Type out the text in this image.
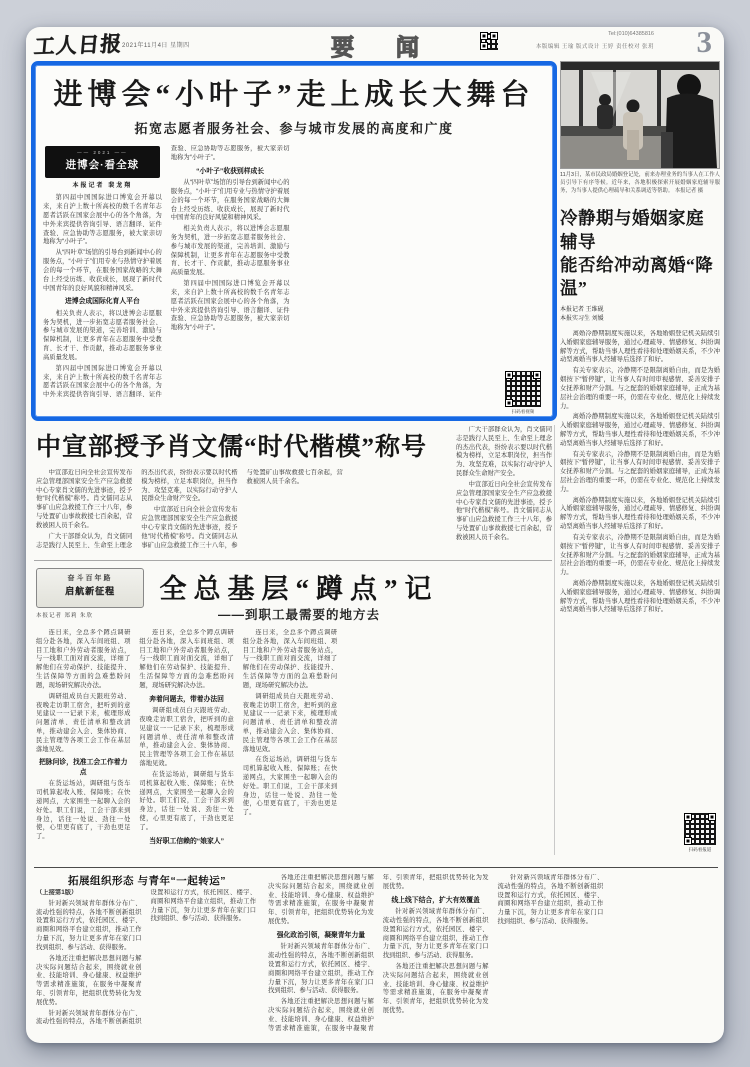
工人日报
2021年11月4日 星期四	要 闻
Tel:(010)64385816
本版编辑 王瑜 版式设计 王婷 责任校对 张玥 3
进博会“小叶子”走上成长大舞台
拓宽志愿者服务社会、参与城市发展的高度和广度
—— 2021 ——
进博会·看全球

本报记者 裴龙翔

第四届中国国际进口博览会开幕以来，来自沪上数十所高校的数千名青年志愿者活跃在国家会展中心的各个角落，为中外来宾提供咨询引导、语言翻译、证件查验、应急协助等志愿服务，被大家亲切地称为“小叶子”。

从“四叶草”场馆的引导台到新闻中心的服务点，“小叶子”们用专业与热情守护着展会的每一个环节，在服务国家战略的大舞台上经受历练、收获成长，展现了新时代中国青年的良好风貌和精神风采。

进博会成国际化育人平台

相关负责人表示，将以进博会志愿服务为契机，进一步拓宽志愿者服务社会、参与城市发展的渠道，完善培训、激励与保障机制，让更多青年在志愿服务中受教育、长才干、作贡献，推动志愿服务事业高质量发展。

第四届中国国际进口博览会开幕以来，来自沪上数十所高校的数千名青年志愿者活跃在国家会展中心的各个角落，为中外来宾提供咨询引导、语言翻译、证件查验、应急协助等志愿服务，被大家亲切地称为“小叶子”。

“小叶子”收获别样成长

从“四叶草”场馆的引导台到新闻中心的服务点，“小叶子”们用专业与热情守护着展会的每一个环节，在服务国家战略的大舞台上经受历练、收获成长，展现了新时代中国青年的良好风貌和精神风采。

相关负责人表示，将以进博会志愿服务为契机，进一步拓宽志愿者服务社会、参与城市发展的渠道，完善培训、激励与保障机制，让更多青年在志愿服务中受教育、长才干、作贡献，推动志愿服务事业高质量发展。

第四届中国国际进口博览会开幕以来，来自沪上数十所高校的数千名青年志愿者活跃在国家会展中心的各个角落，为中外来宾提供咨询引导、语言翻译、证件查验、应急协助等志愿服务，被大家亲切地称为“小叶子”。

扫码看视频
11月3日，某市民政局婚姻登记处，前来办理业务的当事人在工作人员引导下有序等候。近年来，各地积极探索开展婚姻家庭辅导服务，为当事人提供心理疏导和关系调适等帮助。 本报记者 摄
冷静期与婚姻家庭辅导
能否给冲动离婚“降温”
本报记者 王维砚
本报实习生 刘媛

离婚冷静期制度实施以来，各地婚姻登记机关陆续引入婚姻家庭辅导服务，通过心理疏导、情感修复、纠纷调解等方式，帮助当事人理性看待和处理婚姻关系，不少冲动型离婚当事人经辅导后选择了和好。

有关专家表示，冷静期不是限制离婚自由，而是为婚姻按下“暂停键”，让当事人有时间审视感情、妥善安排子女抚养和财产分割。与之配套的婚姻家庭辅导，正成为基层社会治理的重要一环，仍需在专业化、规范化上持续发力。

离婚冷静期制度实施以来，各地婚姻登记机关陆续引入婚姻家庭辅导服务，通过心理疏导、情感修复、纠纷调解等方式，帮助当事人理性看待和处理婚姻关系，不少冲动型离婚当事人经辅导后选择了和好。

有关专家表示，冷静期不是限制离婚自由，而是为婚姻按下“暂停键”，让当事人有时间审视感情、妥善安排子女抚养和财产分割。与之配套的婚姻家庭辅导，正成为基层社会治理的重要一环，仍需在专业化、规范化上持续发力。

离婚冷静期制度实施以来，各地婚姻登记机关陆续引入婚姻家庭辅导服务，通过心理疏导、情感修复、纠纷调解等方式，帮助当事人理性看待和处理婚姻关系，不少冲动型离婚当事人经辅导后选择了和好。

有关专家表示，冷静期不是限制离婚自由，而是为婚姻按下“暂停键”，让当事人有时间审视感情、妥善安排子女抚养和财产分割。与之配套的婚姻家庭辅导，正成为基层社会治理的重要一环，仍需在专业化、规范化上持续发力。

离婚冷静期制度实施以来，各地婚姻登记机关陆续引入婚姻家庭辅导服务，通过心理疏导、情感修复、纠纷调解等方式，帮助当事人理性看待和处理婚姻关系，不少冲动型离婚当事人经辅导后选择了和好。

扫码看报道
中宣部授予肖文儒“时代楷模”称号

中宣部近日向全社会宣传发布应急管理部国家安全生产应急救援中心专家肖文儒的先进事迹，授予他“时代楷模”称号。肖文儒同志从事矿山应急救援工作三十八年，参与处置矿山事故救援七百余起，营救被困人员千余名。

广大干部群众认为，肖文儒同志是践行人民至上、生命至上理念的杰出代表，纷纷表示要以时代楷模为榜样，立足本职岗位，担当作为、攻坚克难，以实际行动守护人民群众生命财产安全。

中宣部近日向全社会宣传发布应急管理部国家安全生产应急救援中心专家肖文儒的先进事迹，授予他“时代楷模”称号。肖文儒同志从事矿山应急救援工作三十八年，参与处置矿山事故救援七百余起，营救被困人员千余名。

广大干部群众认为，肖文儒同志是践行人民至上、生命至上理念的杰出代表，纷纷表示要以时代楷模为榜样，立足本职岗位，担当作为、攻坚克难，以实际行动守护人民群众生命财产安全。

中宣部近日向全社会宣传发布应急管理部国家安全生产应急救援中心专家肖文儒的先进事迹，授予他“时代楷模”称号。肖文儒同志从事矿山应急救援工作三十八年，参与处置矿山事故救援七百余起，营救被困人员千余名。

奋斗百年路
启航新征程
本报记者 郑莉 朱欣
全总基层“蹲点”记
——到职工最需要的地方去

连日来，全总多个蹲点调研组分赴各地，深入车间班组、项目工地和户外劳动者服务站点，与一线职工面对面交流，详细了解他们在劳动保护、技能提升、生活保障等方面的急难愁盼问题，现场研究解决办法。

调研组成员白天跟班劳动、夜晚走访职工宿舍，把听到的意见建议一一记录下来，梳理形成问题清单、责任清单和整改清单，推动建会入会、集体协商、民主管理等各项工会工作在基层落地见效。

把脉问诊，找准工会工作着力点

在货运场站，调研组与货车司机算起收入账、保障账；在快递网点，大家围坐一起聊入会的好处。职工们说，工会干部来到身边，话往一处说、劲往一处使，心里更有底了，干劲也更足了。

连日来，全总多个蹲点调研组分赴各地，深入车间班组、项目工地和户外劳动者服务站点，与一线职工面对面交流，详细了解他们在劳动保护、技能提升、生活保障等方面的急难愁盼问题，现场研究解决办法。

奔着问题去，带着办法回

调研组成员白天跟班劳动、夜晚走访职工宿舍，把听到的意见建议一一记录下来，梳理形成问题清单、责任清单和整改清单，推动建会入会、集体协商、民主管理等各项工会工作在基层落地见效。

在货运场站，调研组与货车司机算起收入账、保障账；在快递网点，大家围坐一起聊入会的好处。职工们说，工会干部来到身边，话往一处说、劲往一处使，心里更有底了，干劲也更足了。

当好职工信赖的“娘家人”

连日来，全总多个蹲点调研组分赴各地，深入车间班组、项目工地和户外劳动者服务站点，与一线职工面对面交流，详细了解他们在劳动保护、技能提升、生活保障等方面的急难愁盼问题，现场研究解决办法。

调研组成员白天跟班劳动、夜晚走访职工宿舍，把听到的意见建议一一记录下来，梳理形成问题清单、责任清单和整改清单，推动建会入会、集体协商、民主管理等各项工会工作在基层落地见效。

在货运场站，调研组与货车司机算起收入账、保障账；在快递网点，大家围坐一起聊入会的好处。职工们说，工会干部来到身边，话往一处说、劲往一处使，心里更有底了，干劲也更足了。

拓展组织形态 与青年“一起转运”

（上接第1版）

针对新兴领域青年群体分布广、流动性强的特点，各地不断创新组织设置和运行方式，依托园区、楼宇、商圈和网络平台建立组织，推动工作力量下沉，努力让更多青年在家门口找到组织、参与活动、获得服务。

各地还注重把解决思想问题与解决实际问题结合起来，围绕就业创业、技能培训、身心健康、权益维护等需求精准施策，在服务中凝聚青年、引领青年，把组织优势转化为发展优势。

针对新兴领域青年群体分布广、流动性强的特点，各地不断创新组织设置和运行方式，依托园区、楼宇、商圈和网络平台建立组织，推动工作力量下沉，努力让更多青年在家门口找到组织、参与活动、获得服务。

各地还注重把解决思想问题与解决实际问题结合起来，围绕就业创业、技能培训、身心健康、权益维护等需求精准施策，在服务中凝聚青年、引领青年，把组织优势转化为发展优势。

强化政治引领，凝聚青年力量

针对新兴领域青年群体分布广、流动性强的特点，各地不断创新组织设置和运行方式，依托园区、楼宇、商圈和网络平台建立组织，推动工作力量下沉，努力让更多青年在家门口找到组织、参与活动、获得服务。

各地还注重把解决思想问题与解决实际问题结合起来，围绕就业创业、技能培训、身心健康、权益维护等需求精准施策，在服务中凝聚青年、引领青年，把组织优势转化为发展优势。

线上线下结合，扩大有效覆盖

针对新兴领域青年群体分布广、流动性强的特点，各地不断创新组织设置和运行方式，依托园区、楼宇、商圈和网络平台建立组织，推动工作力量下沉，努力让更多青年在家门口找到组织、参与活动、获得服务。

各地还注重把解决思想问题与解决实际问题结合起来，围绕就业创业、技能培训、身心健康、权益维护等需求精准施策，在服务中凝聚青年、引领青年，把组织优势转化为发展优势。

针对新兴领域青年群体分布广、流动性强的特点，各地不断创新组织设置和运行方式，依托园区、楼宇、商圈和网络平台建立组织，推动工作力量下沉，努力让更多青年在家门口找到组织、参与活动、获得服务。
